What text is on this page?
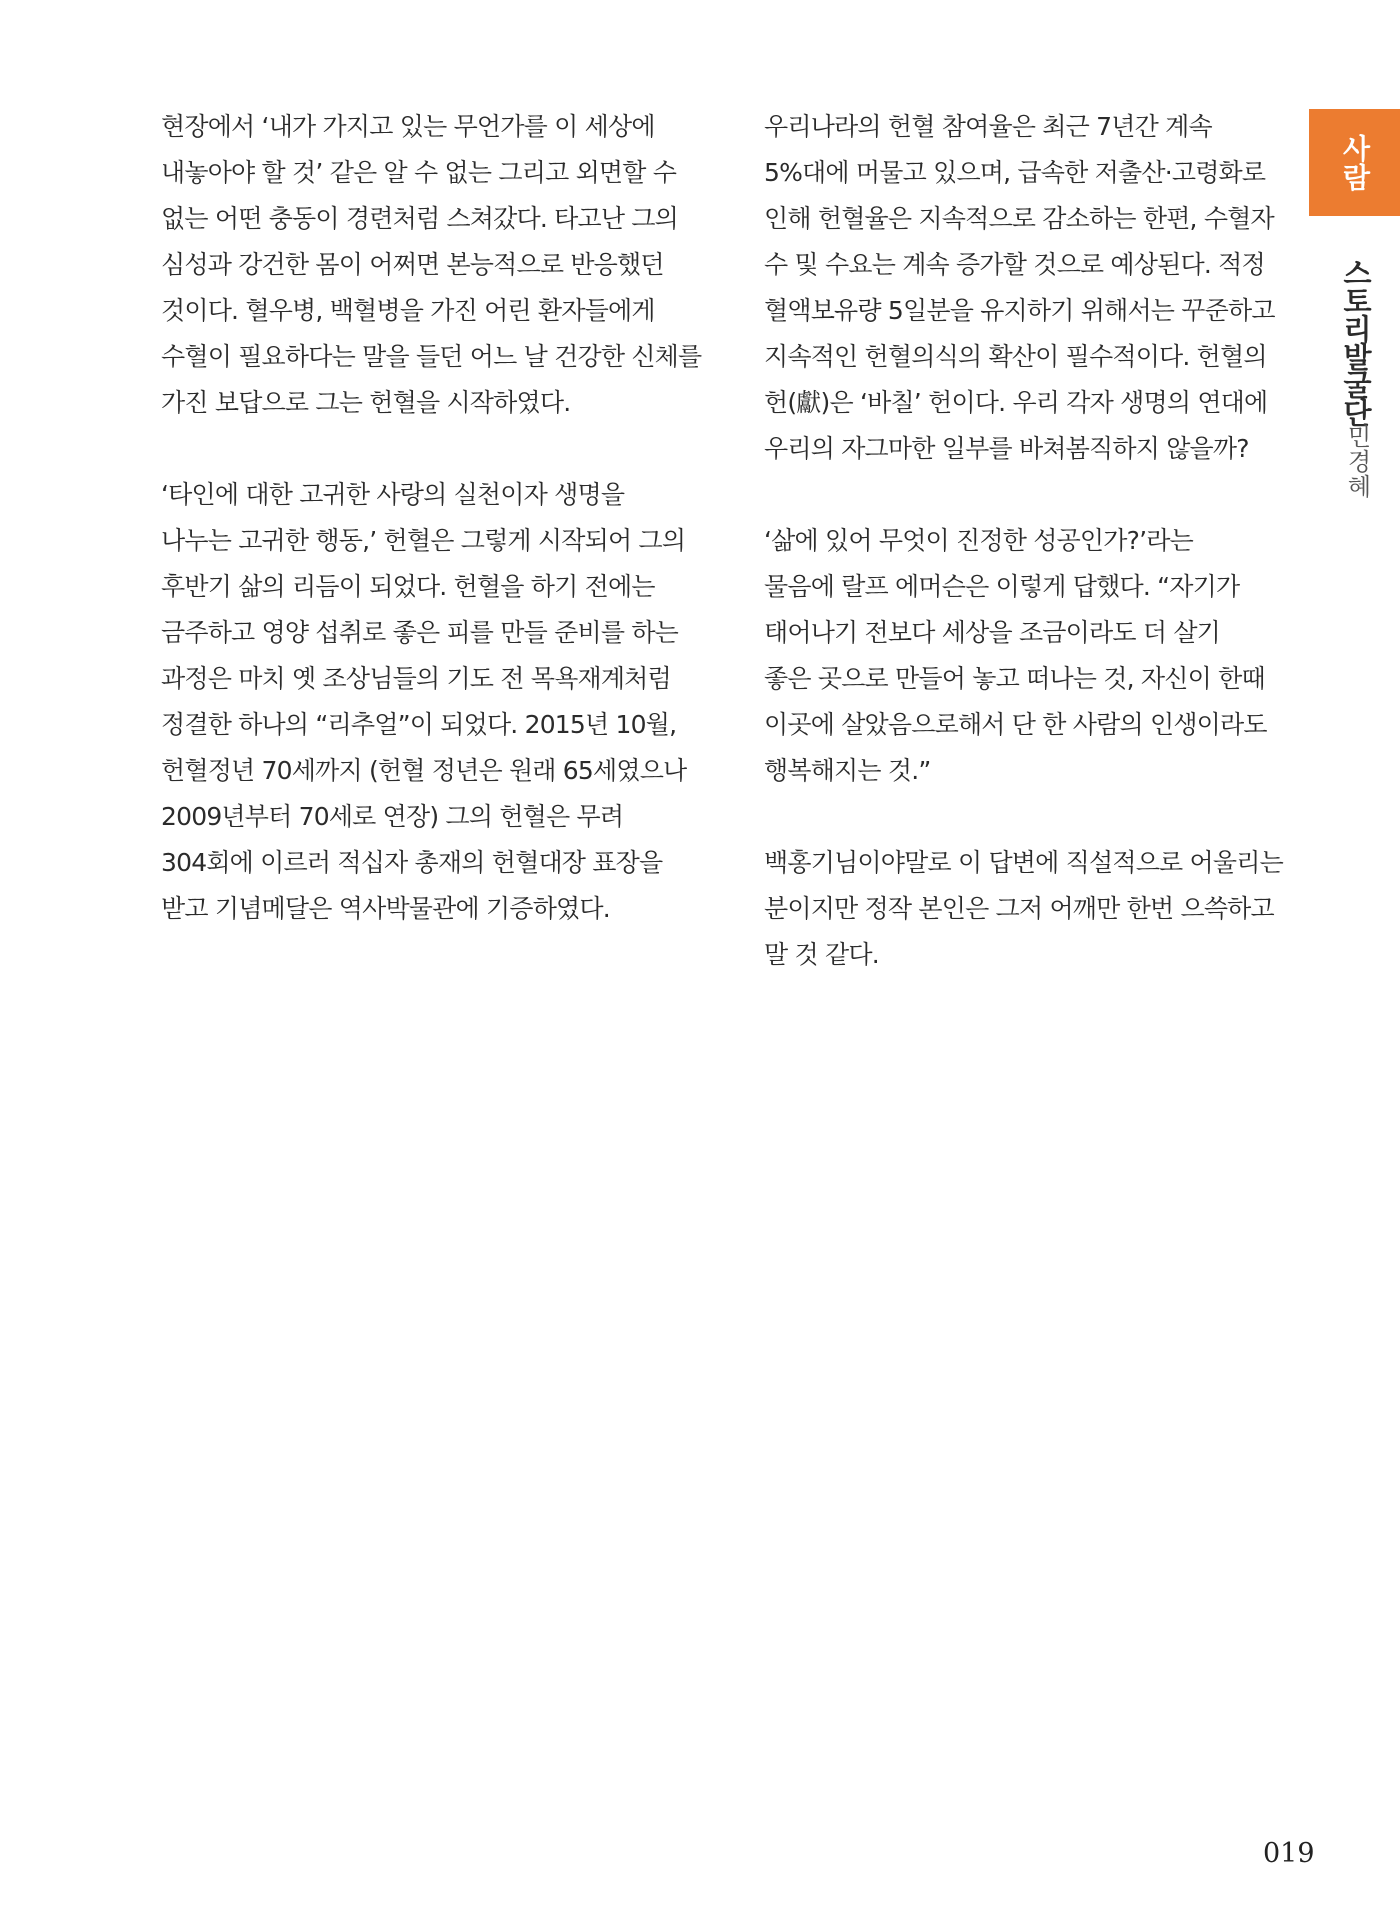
현장에서 ‘내가 가지고 있는 무언가를 이 세상에
내놓아야 할 것’ 같은 알 수 없는 그리고 외면할 수
없는 어떤 충동이 경련처럼 스쳐갔다. 타고난 그의
심성과 강건한 몸이 어쩌면 본능적으로 반응했던
것이다. 혈우병, 백혈병을 가진 어린 환자들에게
수혈이 필요하다는 말을 들던 어느 날 건강한 신체를
가진 보답으로 그는 헌혈을 시작하였다.

‘타인에 대한 고귀한 사랑의 실천이자 생명을
나누는 고귀한 행동,’ 헌혈은 그렇게 시작되어 그의
후반기 삶의 리듬이 되었다. 헌혈을 하기 전에는
금주하고 영양 섭취로 좋은 피를 만들 준비를 하는
과정은 마치 옛 조상님들의 기도 전 목욕재계처럼
정결한 하나의 “리추얼”이 되었다. 2015년 10월,
헌혈정년 70세까지 (헌혈 정년은 원래 65세였으나
2009년부터 70세로 연장) 그의 헌혈은 무려
304회에 이르러 적십자 총재의 헌혈대장 표장을
받고 기념메달은 역사박물관에 기증하였다.

우리나라의 헌혈 참여율은 최근 7년간 계속
5%대에 머물고 있으며, 급속한 저출산·고령화로
인해 헌혈율은 지속적으로 감소하는 한편, 수혈자
수 및 수요는 계속 증가할 것으로 예상된다. 적정
혈액보유량 5일분을 유지하기 위해서는 꾸준하고
지속적인 헌혈의식의 확산이 필수적이다. 헌혈의
헌(獻)은 ‘바칠’ 헌이다. 우리 각자 생명의 연대에
우리의 자그마한 일부를 바쳐봄직하지 않을까?

‘삶에 있어 무엇이 진정한 성공인가?’라는
물음에 랄프 에머슨은 이렇게 답했다. “자기가
태어나기 전보다 세상을 조금이라도 더 살기
좋은 곳으로 만들어 놓고 떠나는 것, 자신이 한때
이곳에 살았음으로해서 단 한 사람의 인생이라도
행복해지는 것.”

백홍기님이야말로 이 답변에 직설적으로 어울리는
분이지만 정작 본인은 그저 어깨만 한번 으쓱하고
말 것 같다.

사람
스토리발굴단
민경혜
019
